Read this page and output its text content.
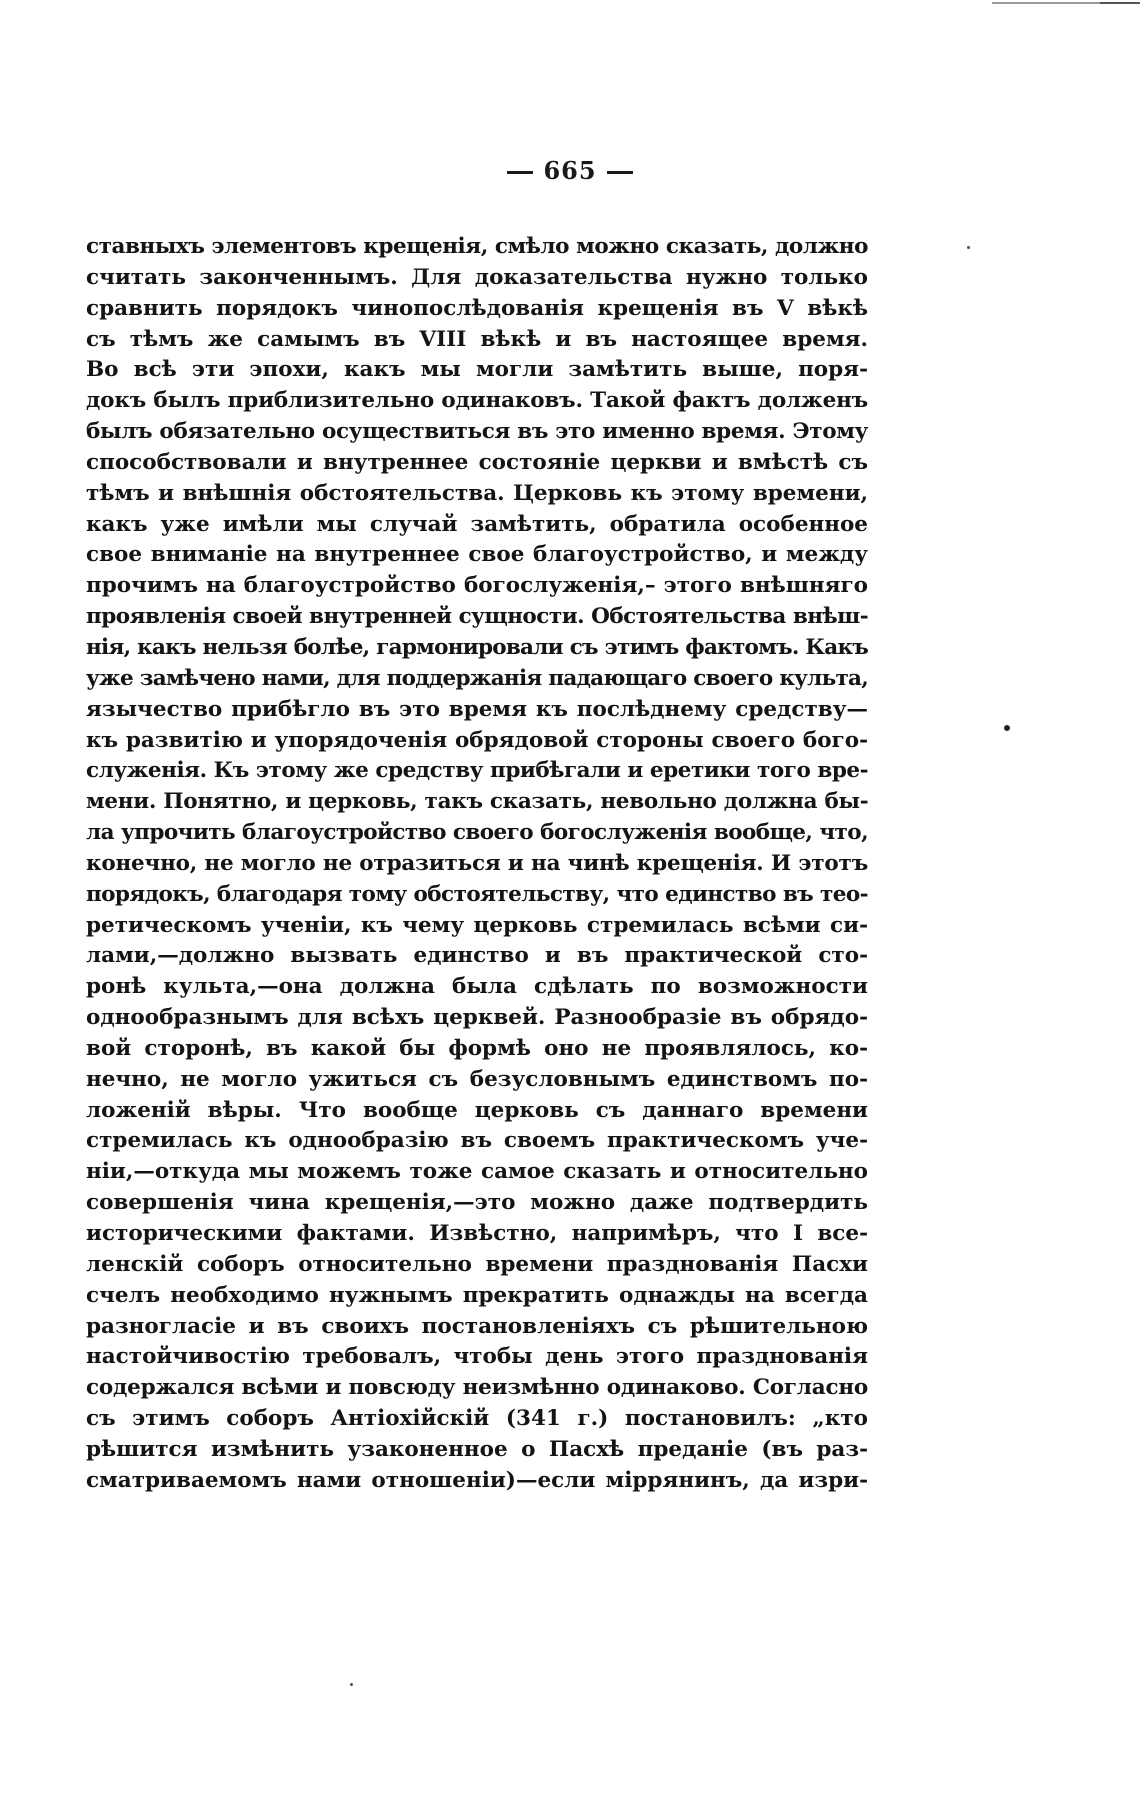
665
ставныхъ элементовъ крещенія, смѣло можно сказать, должно
считать законченнымъ. Для доказательства нужно только
сравнить порядокъ чинопослѣдованія крещенія въ V вѣкѣ
съ тѣмъ же самымъ въ VIII вѣкѣ и въ настоящее время.
Во всѣ эти эпохи, какъ мы могли замѣтить выше, поря-
докъ былъ приблизительно одинаковъ. Такой фактъ долженъ
былъ обязательно осуществиться въ это именно время. Этому
способствовали и внутреннее состояніе церкви и вмѣстѣ съ
тѣмъ и внѣшнія обстоятельства. Церковь къ этому времени,
какъ уже имѣли мы случай замѣтить, обратила особенное
свое вниманіе на внутреннее свое благоустройство, и между
прочимъ на благоустройство богослуженія,– этого внѣшняго
проявленія своей внутренней сущности. Обстоятельства внѣш-
нія, какъ нельзя болѣе, гармонировали съ этимъ фактомъ. Какъ
уже замѣчено нами, для поддержанія падающаго своего культа,
язычество прибѣгло въ это время къ послѣднему средству—
къ развитію и упорядоченія обрядовой стороны своего бого-
служенія. Къ этому же средству прибѣгали и еретики того вре-
мени. Понятно, и церковь, такъ сказать, невольно должна бы-
ла упрочить благоустройство своего богослуженія вообще, что,
конечно, не могло не отразиться и на чинѣ крещенія. И этотъ
порядокъ, благодаря тому обстоятельству, что единство въ тео-
ретическомъ ученіи, къ чему церковь стремилась всѣми си-
лами,—должно вызвать единство и въ практической сто-
ронѣ культа,—она должна была сдѣлать по возможности
однообразнымъ для всѣхъ церквей. Разнообразіе въ обрядо-
вой сторонѣ, въ какой бы формѣ оно не проявлялось, ко-
нечно, не могло ужиться съ безусловнымъ единствомъ по-
ложеній вѣры. Что вообще церковь съ даннаго времени
стремилась къ однообразію въ своемъ практическомъ уче-
ніи,—откуда мы можемъ тоже самое сказать и относительно
совершенія чина крещенія,—это можно даже подтвердить
историческими фактами. Извѣстно, напримѣръ, что I все-
ленскій соборъ относительно времени празднованія Пасхи
счелъ необходимо нужнымъ прекратить однажды на всегда
разногласіе и въ своихъ постановленіяхъ съ рѣшительною
настойчивостію требовалъ, чтобы день этого празднованія
содержался всѣми и повсюду неизмѣнно одинаково. Согласно
съ этимъ соборъ Антіохійскій (341 г.) постановилъ: „кто
рѣшится измѣнить узаконенное о Пасхѣ преданіе (въ раз-
сматриваемомъ нами отношеніи)—если міррянинъ, да изри-
